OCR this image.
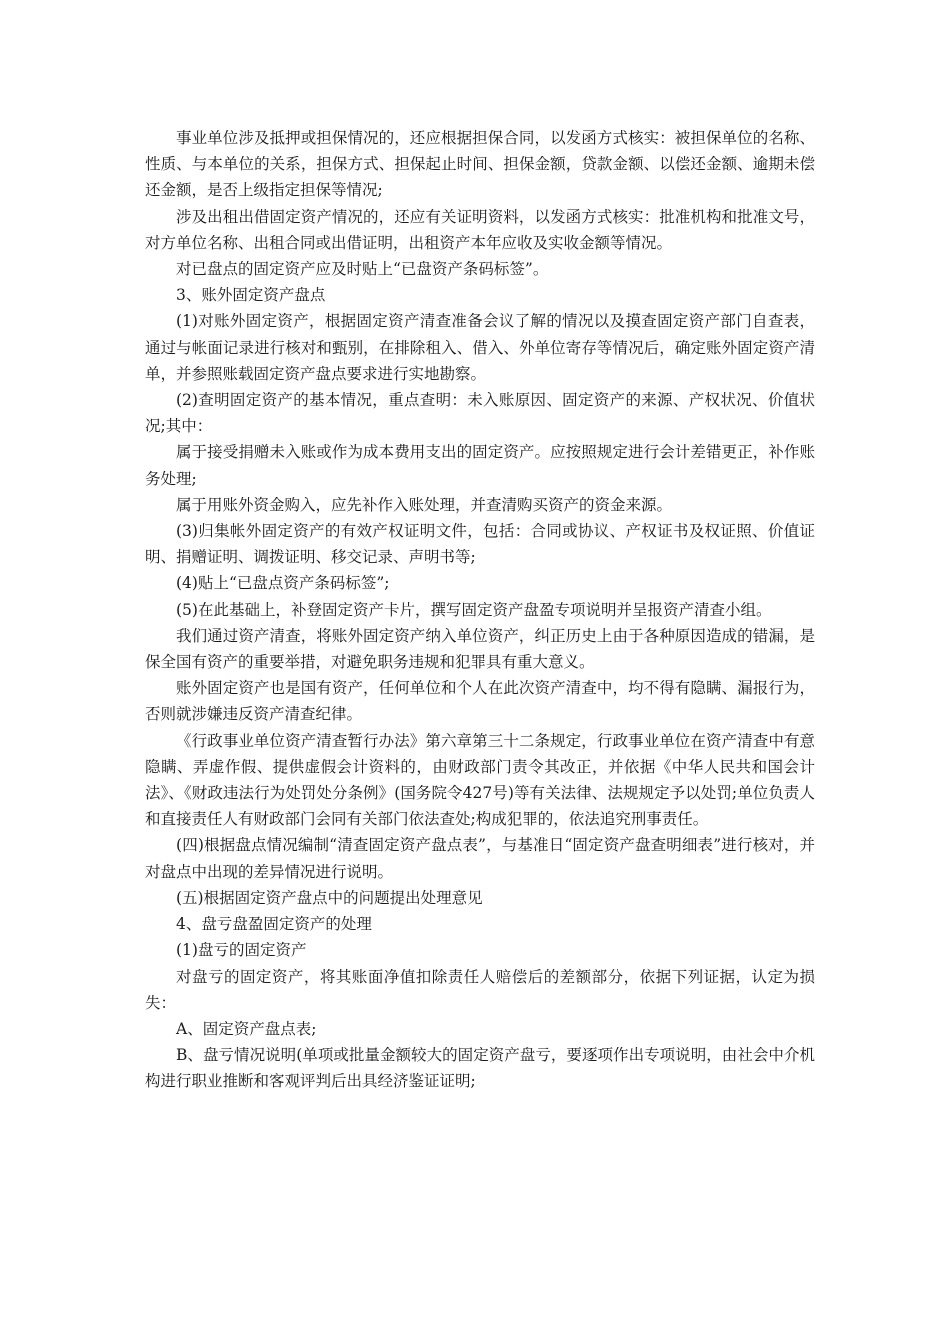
事业单位涉及抵押或担保情况的，还应根据担保合同，以发函方式核实：被担保单位的名称、性质、与本单位的关系，担保方式、担保起止时间、担保金额，贷款金额、以偿还金额、逾期未偿还金额，是否上级指定担保等情况;

涉及出租出借固定资产情况的，还应有关证明资料，以发函方式核实：批准机构和批准文号，对方单位名称、出租合同或出借证明，出租资产本年应收及实收金额等情况。

对已盘点的固定资产应及时贴上“已盘资产条码标签”。

3、账外固定资产盘点

(1)对账外固定资产，根据固定资产清查准备会议了解的情况以及摸查固定资产部门自查表，通过与帐面记录进行核对和甄别，在排除租入、借入、外单位寄存等情况后，确定账外固定资产清单，并参照账载固定资产盘点要求进行实地勘察。

(2)查明固定资产的基本情况，重点查明：未入账原因、固定资产的来源、产权状况、价值状况;其中：

属于接受捐赠未入账或作为成本费用支出的固定资产。应按照规定进行会计差错更正，补作账务处理;

属于用账外资金购入，应先补作入账处理，并查清购买资产的资金来源。

(3)归集帐外固定资产的有效产权证明文件，包括：合同或协议、产权证书及权证照、价值证明、捐赠证明、调拨证明、移交记录、声明书等;

(4)贴上“已盘点资产条码标签”;

(5)在此基础上，补登固定资产卡片，撰写固定资产盘盈专项说明并呈报资产清查小组。

我们通过资产清查，将账外固定资产纳入单位资产，纠正历史上由于各种原因造成的错漏，是保全国有资产的重要举措，对避免职务违规和犯罪具有重大意义。

账外固定资产也是国有资产，任何单位和个人在此次资产清查中，均不得有隐瞒、漏报行为，否则就涉嫌违反资产清查纪律。

《行政事业单位资产清查暂行办法》第六章第三十二条规定，行政事业单位在资产清查中有意隐瞒、弄虚作假、提供虚假会计资料的，由财政部门责令其改正，并依据《中华人民共和国会计法》、《财政违法行为处罚处分条例》(国务院令427号)等有关法律、法规规定予以处罚;单位负责人和直接责任人有财政部门会同有关部门依法查处;构成犯罪的，依法追究刑事责任。

(四)根据盘点情况编制“清查固定资产盘点表”，与基准日“固定资产盘查明细表”进行核对，并对盘点中出现的差异情况进行说明。

(五)根据固定资产盘点中的问题提出处理意见

4、盘亏盘盈固定资产的处理

(1)盘亏的固定资产

对盘亏的固定资产，将其账面净值扣除责任人赔偿后的差额部分，依据下列证据，认定为损失：

A、固定资产盘点表;

B、盘亏情况说明(单项或批量金额较大的固定资产盘亏，要逐项作出专项说明，由社会中介机构进行职业推断和客观评判后出具经济鉴证证明;
